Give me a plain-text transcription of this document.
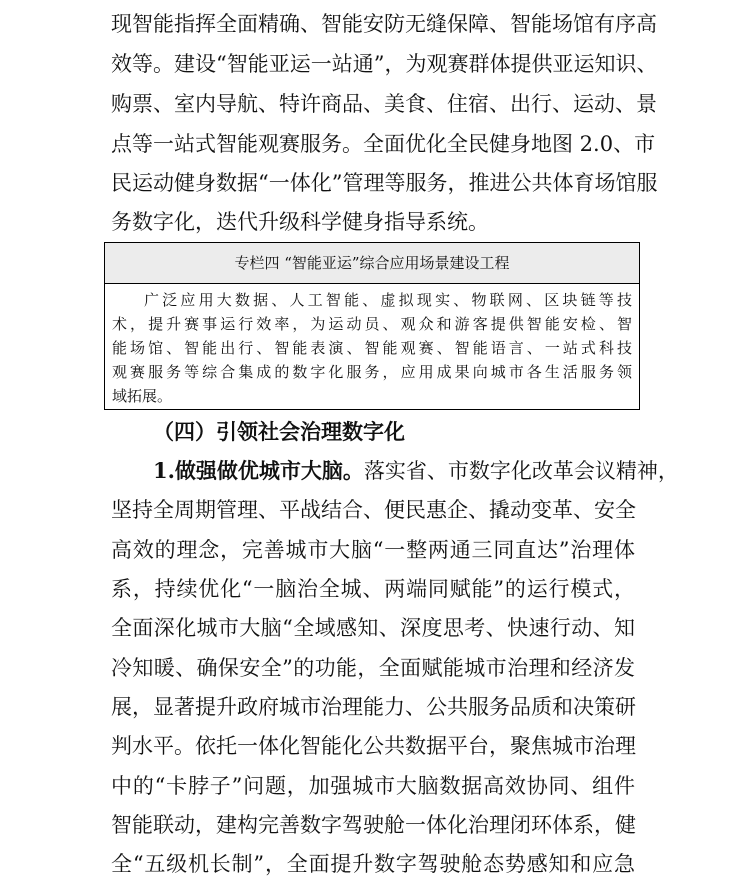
现智能指挥全面精确、智能安防无缝保障、智能场馆有序高
效等。建设“智能亚运一站通”，为观赛群体提供亚运知识、
购票、室内导航、特许商品、美食、住宿、出行、运动、景
点等一站式智能观赛服务。全面优化全民健身地图 2.0、市
民运动健身数据“一体化”管理等服务，推进公共体育场馆服
务数字化，迭代升级科学健身指导系统。
专栏四 “智能亚运”综合应用场景建设工程
广泛应用大数据、人工智能、虚拟现实、物联网、区块链等技
术，提升赛事运行效率，为运动员、观众和游客提供智能安检、智
能场馆、智能出行、智能表演、智能观赛、智能语言、一站式科技
观赛服务等综合集成的数字化服务，应用成果向城市各生活服务领
域拓展。
（四）引领社会治理数字化
1.做强做优城市大脑。落实省、市数字化改革会议精神，
坚持全周期管理、平战结合、便民惠企、撬动变革、安全
高效的理念，完善城市大脑“一整两通三同直达”治理体
系，持续优化“一脑治全城、两端同赋能”的运行模式，
全面深化城市大脑“全域感知、深度思考、快速行动、知
冷知暖、确保安全”的功能，全面赋能城市治理和经济发
展，显著提升政府城市治理能力、公共服务品质和决策研
判水平。依托一体化智能化公共数据平台，聚焦城市治理
中的“卡脖子”问题，加强城市大脑数据高效协同、组件
智能联动，建构完善数字驾驶舱一体化治理闭环体系，健
全“五级机长制”，全面提升数字驾驶舱态势感知和应急
